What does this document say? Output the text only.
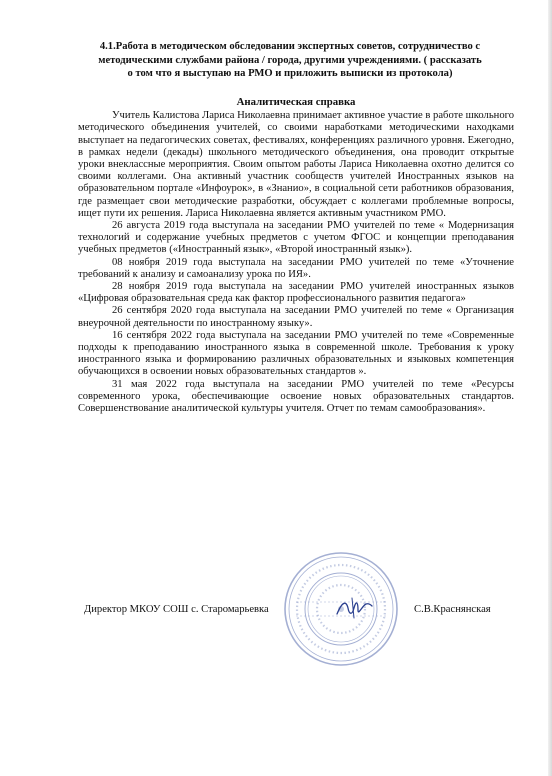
4.1.Работа в методическом обследовании экспертных советов, сотрудничество с
методическими службами района / города, другими учреждениями. ( рассказать
о том что я выступаю на РМО и приложить выписки из протокола)

Аналитическая справка

Учитель Калистова Лариса Николаевна принимает активное участие в работе школьного методического объединения учителей, со своими наработками методическими находками выступает на педагогических советах, фестивалях, конференциях различного уровня. Ежегодно, в рамках недели (декады) школьного методического объединения, она проводит открытые уроки внеклассные мероприятия. Своим опытом работы Лариса Николаевна охотно делится со своими коллегами. Она активный участник сообществ учителей Иностранных языков на образовательном портале «Инфоурок», в «Знанио», в социальной сети работников образования, где размещает свои методические разработки, обсуждает с коллегами проблемные вопросы, ищет пути их решения. Лариса Николаевна является активным участником РМО.

26 августа 2019 года выступала на заседании РМО учителей по теме « Модернизация технологий и содержание учебных предметов с учетом ФГОС и концепции преподавания учебных предметов («Иностранный язык», «Второй иностранный язык»).

08 ноября 2019 года выступала на заседании РМО учителей по теме «Уточнение требований к анализу и самоанализу урока по ИЯ».

28 ноября 2019 года выступала на заседании РМО учителей иностранных языков «Цифровая образовательная среда как фактор профессионального развития педагога»

26 сентября 2020 года выступала на заседании РМО учителей по теме « Организация внеурочной деятельности по иностранному языку».

16 сентября 2022 года выступала на заседании РМО учителей по теме «Современные подходы к преподаванию иностранного языка в современной школе. Требования к уроку иностранного языка и формированию различных образовательных и языковых компетенция обучающихся в освоении новых образовательных стандартов ».

31 мая 2022 года выступала на заседании РМО учителей по теме «Ресурсы современного урока, обеспечивающие освоение новых образовательных стандартов. Совершенствование аналитической культуры учителя. Отчет по темам самообразования».

Директор МКОУ СОШ с. Старомарьевка	С.В.Краснянская
